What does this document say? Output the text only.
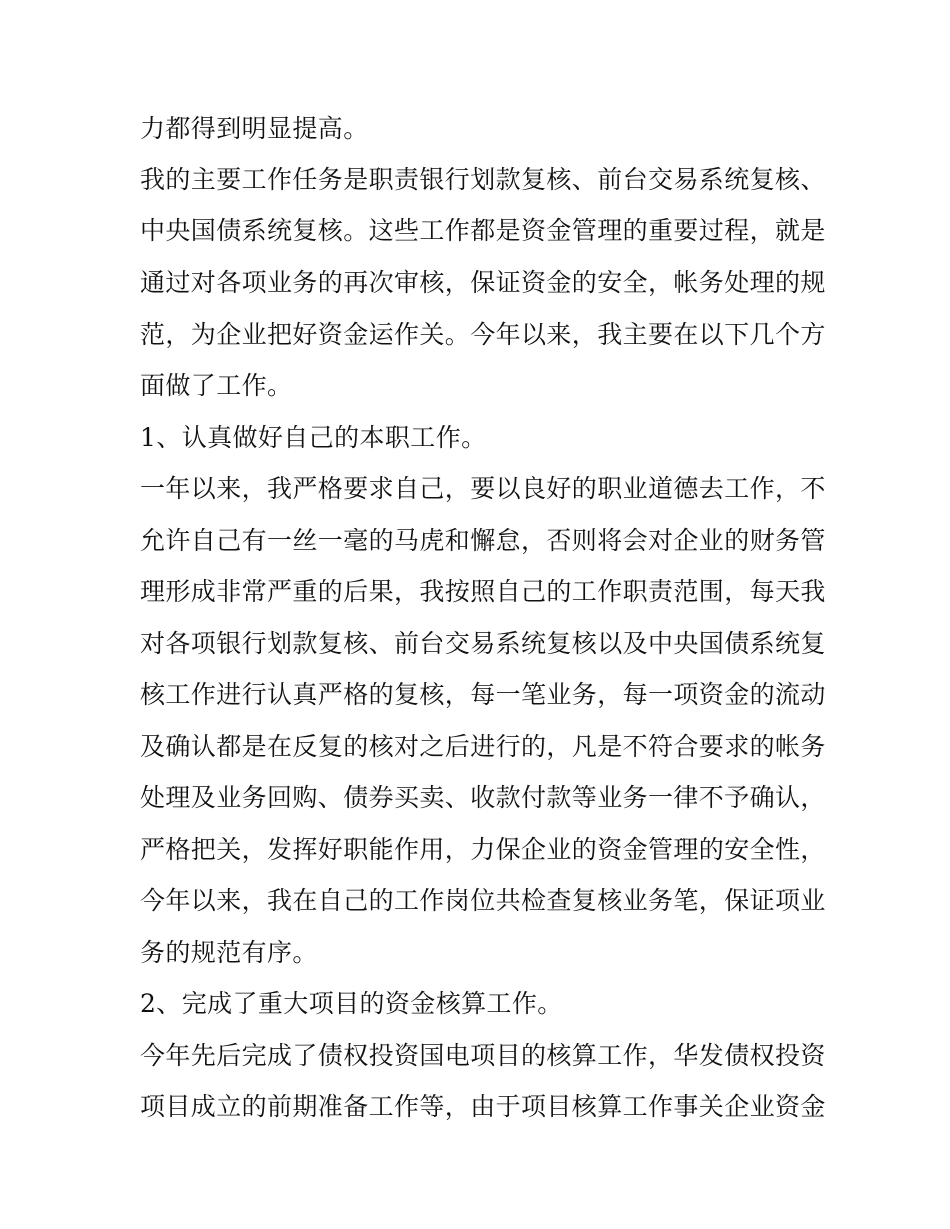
力都得到明显提高。
我的主要工作任务是职责银行划款复核、前台交易系统复核、
中央国债系统复核。这些工作都是资金管理的重要过程，就是
通过对各项业务的再次审核，保证资金的安全，帐务处理的规
范，为企业把好资金运作关。今年以来，我主要在以下几个方
面做了工作。
1、认真做好自己的本职工作。
一年以来，我严格要求自己，要以良好的职业道德去工作，不
允许自己有一丝一毫的马虎和懈怠，否则将会对企业的财务管
理形成非常严重的后果，我按照自己的工作职责范围，每天我
对各项银行划款复核、前台交易系统复核以及中央国债系统复
核工作进行认真严格的复核，每一笔业务，每一项资金的流动
及确认都是在反复的核对之后进行的，凡是不符合要求的帐务
处理及业务回购、债券买卖、收款付款等业务一律不予确认，
严格把关，发挥好职能作用，力保企业的资金管理的安全性，
今年以来，我在自己的工作岗位共检查复核业务笔，保证项业
务的规范有序。
2、完成了重大项目的资金核算工作。
今年先后完成了债权投资国电项目的核算工作，华发债权投资
项目成立的前期准备工作等，由于项目核算工作事关企业资金
